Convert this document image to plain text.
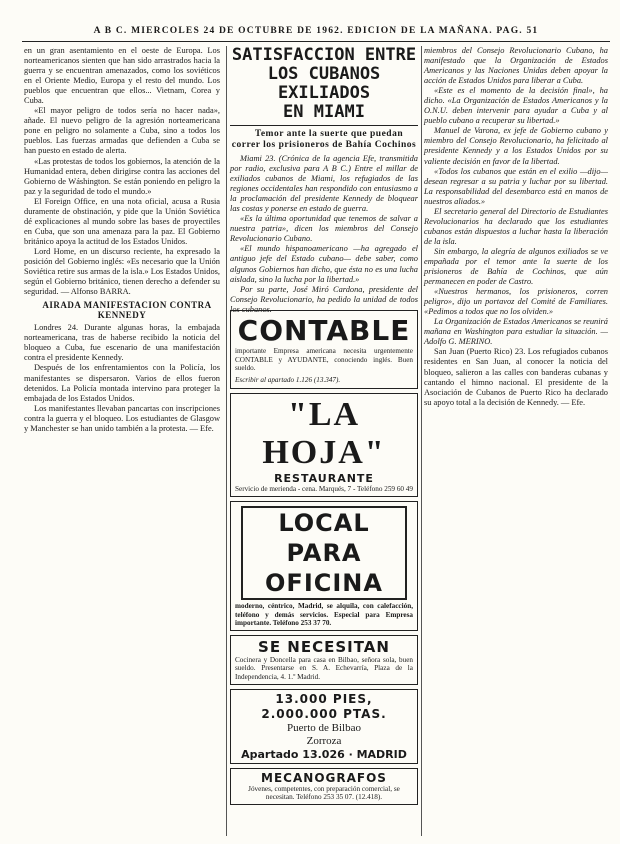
A B C. MIERCOLES 24 DE OCTUBRE DE 1962. EDICION DE LA MAÑANA. PAG. 51

en un gran asentamiento en el oeste de Europa. Los norteamericanos sienten que han sido arrastrados hacia la guerra y se encuentran amenazados, como los soviéticos en el Oriente Medio, Europa y el resto del mundo. Los pueblos que encuentran que ellos... Vietnam, Corea y Cuba.

«El mayor peligro de todos sería no hacer nada», añade. El nuevo peligro de la agresión norteamericana pone en peligro no solamente a Cuba, sino a todos los pueblos. Las fuerzas armadas que defienden a Cuba se han puesto en estado de alerta.

«Las protestas de todos los gobiernos, la atención de la Humanidad entera, deben dirigirse contra las acciones del Gobierno de Wáshington. Se están poniendo en peligro la paz y la seguridad de todo el mundo.»

El Foreign Office, en una nota oficial, acusa a Rusia duramente de obstinación, y pide que la Unión Soviética dé explicaciones al mundo sobre las bases de proyectiles en Cuba, que son una amenaza para la paz. El Gobierno británico apoya la actitud de los Estados Unidos.

Lord Home, en un discurso reciente, ha expresado la posición del Gobierno inglés: «Es necesario que la Unión Soviética retire sus armas de la isla.» Los Estados Unidos, según el Gobierno británico, tienen derecho a defender su seguridad. — Alfonso BARRA.

AIRADA MANIFESTACION CONTRA KENNEDY

Londres 24. Durante algunas horas, la embajada norteamericana, tras de haberse recibido la noticia del bloqueo a Cuba, fue escenario de una manifestación contra el presidente Kennedy.

Después de los enfrentamientos con la Policía, los manifestantes se dispersaron. Varios de ellos fueron detenidos. La Policía montada intervino para proteger la embajada de los Estados Unidos.

Los manifestantes llevaban pancartas con inscripciones contra la guerra y el bloqueo. Los estudiantes de Glasgow y Manchester se han unido también a la protesta. — Efe.

SATISFACCION ENTRE
LOS CUBANOS EXILIADOS
EN MIAMI

Temor ante la suerte que puedan correr los prisioneros de Bahía Cochinos

Miami 23. (Crónica de la agencia Efe, transmitida por radio, exclusiva para A B C.) Entre el millar de exiliados cubanos de Miami, los refugiados de las regiones occidentales han respondido con entusiasmo a la proclamación del presidente Kennedy de bloquear las costas y ponerse en estado de guerra.

«Es la última oportunidad que tenemos de salvar a nuestra patria», dicen los miembros del Consejo Revolucionario Cubano.

«El mundo hispanoamericano —ha agregado el antiguo jefe del Estado cubano— debe saber, como algunos Gobiernos han dicho, que ésta no es una lucha aislada, sino la lucha por la libertad.»

Por su parte, José Miró Cardona, presidente del Consejo Revolucionario, ha pedido la unidad de todos los cubanos.

CONTABLE
importante Empresa americana necesita urgentemente CONTABLE y AYUDANTE, conociendo inglés. Buen sueldo.
Escribir al apartado 1.126 (13.347).
"LA HOJA"
RESTAURANTE
Servicio de merienda - cena. Marqués, 7 - Teléfono 259 60 49
LOCAL PARA OFICINA
moderno, céntrico, Madrid, se alquila, con calefacción, teléfono y demás servicios. Especial para Empresa importante. Teléfono 253 37 70.
SE NECESITAN
Cocinera y Doncella para casa en Bilbao, señora sola, buen sueldo. Presentarse en S. A. Echevarría, Plaza de la Independencia, 4. 1.º Madrid.
13.000 PIES, 2.000.000 PTAS.
Puerto de Bilbao
Zorroza
Apartado 13.026 · MADRID
MECANOGRAFOS
Jóvenes, competentes, con preparación comercial, se necesitan. Teléfono 253 35 07. (12.418).

miembros del Consejo Revolucionario Cubano, ha manifestado que la Organización de Estados Americanos y las Naciones Unidas deben apoyar la acción de Estados Unidos para liberar a Cuba.

«Este es el momento de la decisión final», ha dicho. «La Organización de Estados Americanos y la O.N.U. deben intervenir para ayudar a Cuba y al pueblo cubano a recuperar su libertad.»

Manuel de Varona, ex jefe de Gobierno cubano y miembro del Consejo Revolucionario, ha felicitado al presidente Kennedy y a los Estados Unidos por su valiente decisión en favor de la libertad.

«Todos los cubanos que están en el exilio —dijo— desean regresar a su patria y luchar por su libertad. La responsabilidad del desembarco está en manos de nuestros aliados.»

El secretario general del Directorio de Estudiantes Revolucionarios ha declarado que los estudiantes cubanos están dispuestos a luchar hasta la liberación de la isla.

Sin embargo, la alegría de algunos exiliados se ve empañada por el temor ante la suerte de los prisioneros de Bahía de Cochinos, que aún permanecen en poder de Castro.

«Nuestros hermanos, los prisioneros, corren peligro», dijo un portavoz del Comité de Familiares. «Pedimos a todos que no los olviden.»

La Organización de Estados Americanos se reunirá mañana en Washington para estudiar la situación. — Adolfo G. MERINO.

San Juan (Puerto Rico) 23. Los refugiados cubanos residentes en San Juan, al conocer la noticia del bloqueo, salieron a las calles con banderas cubanas y cantando el himno nacional. El presidente de la Asociación de Cubanos de Puerto Rico ha declarado su apoyo total a la decisión de Kennedy. — Efe.
